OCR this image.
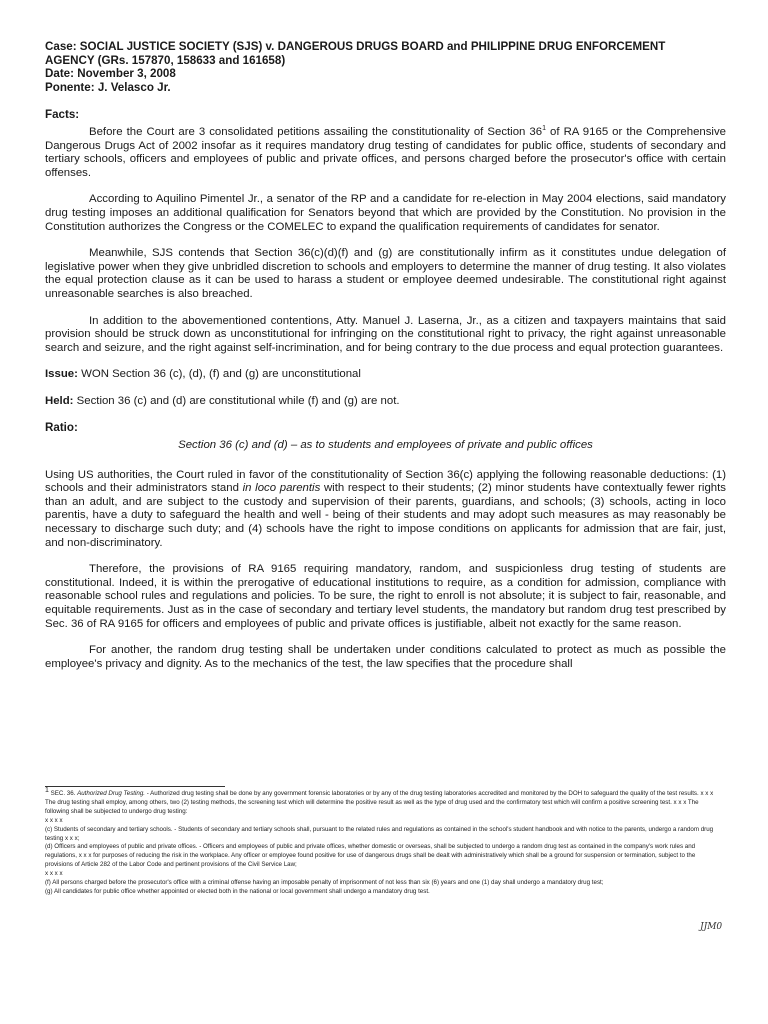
Case: SOCIAL JUSTICE SOCIETY (SJS) v. DANGEROUS DRUGS BOARD and PHILIPPINE DRUG ENFORCEMENT
AGENCY (GRs. 157870, 158633 and 161658)
Date: November 3, 2008
Ponente: J. Velasco Jr.
Facts:

Before the Court are 3 consolidated petitions assailing the constitutionality of Section $36^1$ of RA 9165 or the Comprehensive Dangerous Drugs Act of 2002 insofar as it requires mandatory drug testing of candidates for public office, students of secondary and tertiary schools, officers and employees of public and private offices, and persons charged before the prosecutor's office with certain offenses.

According to Aquilino Pimentel Jr., a senator of the RP and a candidate for re-election in May 2004 elections, said mandatory drug testing imposes an additional qualification for Senators beyond that which are provided by the Constitution. No provision in the Constitution authorizes the Congress or the COMELEC to expand the qualification requirements of candidates for senator.

Meanwhile, SJS contends that Section 36(c)(d)(f) and (g) are constitutionally infirm as it constitutes undue delegation of legislative power when they give unbridled discretion to schools and employers to determine the manner of drug testing. It also violates the equal protection clause as it can be used to harass a student or employee deemed undesirable. The constitutional right against unreasonable searches is also breached.

In addition to the abovementioned contentions, Atty. Manuel J. Laserna, Jr., as a citizen and taxpayers maintains that said provision should be struck down as unconstitutional for infringing on the constitutional right to privacy, the right against unreasonable search and seizure, and the right against self-incrimination, and for being contrary to the due process and equal protection guarantees.

Issue: WON Section 36 (c), (d), (f) and (g) are unconstitutional

Held: Section 36 (c) and (d) are constitutional while (f) and (g) are not.

Ratio:
Section 36 (c) and (d) – as to students and employees of private and public offices

Using US authorities, the Court ruled in favor of the constitutionality of Section 36(c) applying the following reasonable deductions: (1) schools and their administrators stand in loco parentis with respect to their students; (2) minor students have contextually fewer rights than an adult, and are subject to the custody and supervision of their parents, guardians, and schools; (3) schools, acting in loco parentis, have a duty to safeguard the health and well - being of their students and may adopt such measures as may reasonably be necessary to discharge such duty; and (4) schools have the right to impose conditions on applicants for admission that are fair, just, and non-discriminatory.

Therefore, the provisions of RA 9165 requiring mandatory, random, and suspicionless drug testing of students are constitutional. Indeed, it is within the prerogative of educational institutions to require, as a condition for admission, compliance with reasonable school rules and regulations and policies. To be sure, the right to enroll is not absolute; it is subject to fair, reasonable, and equitable requirements. Just as in the case of secondary and tertiary level students, the mandatory but random drug test prescribed by Sec. 36 of RA 9165 for officers and employees of public and private offices is justifiable, albeit not exactly for the same reason.

For another, the random drug testing shall be undertaken under conditions calculated to protect as much as possible the employee's privacy and dignity. As to the mechanics of the test, the law specifies that the procedure shall

$^1$ SEC. 36. Authorized Drug Testing. - Authorized drug testing shall be done by any government forensic laboratories or by any of the drug testing laboratories accredited and monitored by the DOH to safeguard the quality of the test results. x x x The drug testing shall employ, among others, two (2) testing methods, the screening test which will determine the positive result as well as the type of drug used and the confirmatory test which will confirm a positive screening test. x x x The following shall be subjected to undergo drug testing:
x x x x
(c) Students of secondary and tertiary schools. - Students of secondary and tertiary schools shall, pursuant to the related rules and regulations as contained in the school's student handbook and with notice to the parents, undergo a random drug testing x x x;
(d) Officers and employees of public and private offices. - Officers and employees of public and private offices, whether domestic or overseas, shall be subjected to undergo a random drug test as contained in the company's work rules and regulations, x x x for purposes of reducing the risk in the workplace. Any officer or employee found positive for use of dangerous drugs shall be dealt with administratively which shall be a ground for suspension or termination, subject to the provisions of Article 282 of the Labor Code and pertinent provisions of the Civil Service Law;
x x x x
(f) All persons charged before the prosecutor's office with a criminal offense having an imposable penalty of imprisonment of not less than six (6) years and one (1) day shall undergo a mandatory drug test;
(g) All candidates for public office whether appointed or elected both in the national or local government shall undergo a mandatory drug test.
JJM0
